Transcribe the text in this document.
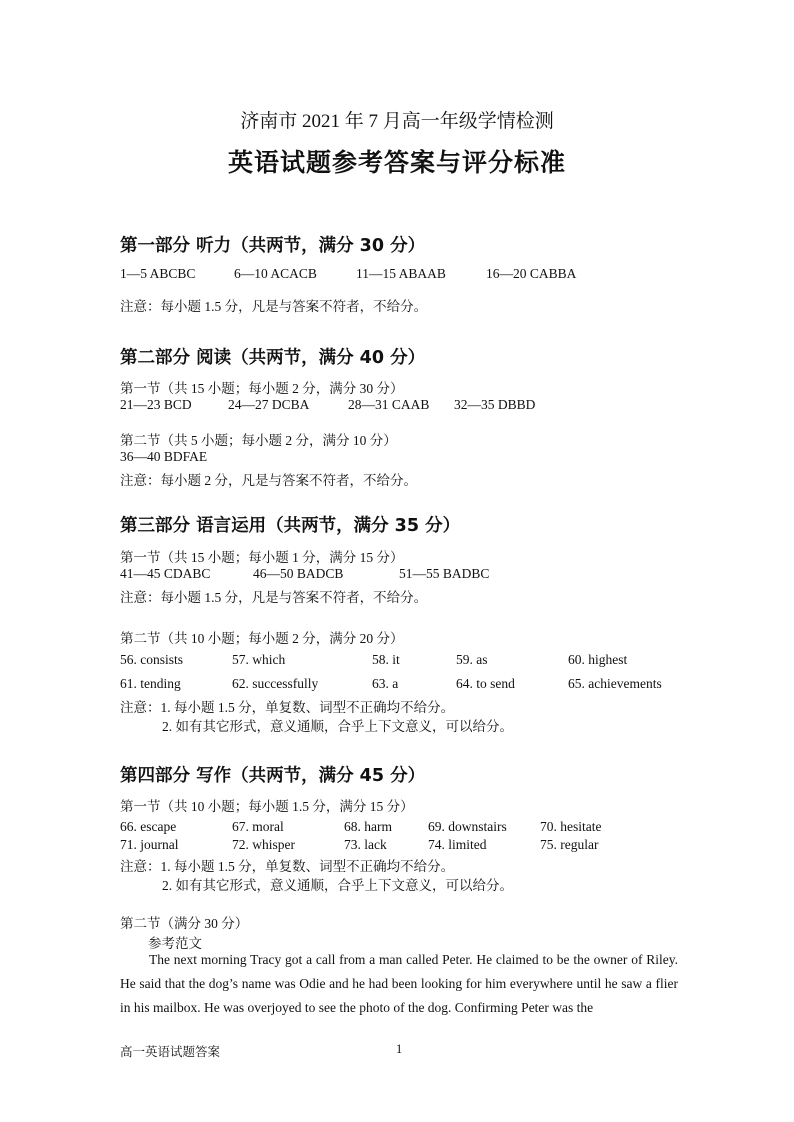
济南市 2021 年 7 月高一年级学情检测
英语试题参考答案与评分标准
第一部分 听力（共两节，满分 30 分）
1—5 ABCBC	6—10 ACACB	11—15 ABAAB	16—20 CABBA
注意：每小题 1.5 分，凡是与答案不符者，不给分。
第二部分 阅读（共两节，满分 40 分）
第一节（共 15 小题；每小题 2 分，满分 30 分）
21—23 BCD	24—27 DCBA	28—31 CAAB 32—35 DBBD
第二节（共 5 小题；每小题 2 分，满分 10 分）
36—40 BDFAE
注意：每小题 2 分，凡是与答案不符者，不给分。
第三部分 语言运用（共两节，满分 35 分）
第一节（共 15 小题；每小题 1 分，满分 15 分）
41—45 CDABC	46—50 BADCB	51—55 BADBC
注意：每小题 1.5 分，凡是与答案不符者，不给分。
第二节（共 10 小题；每小题 2 分，满分 20 分）
56. consists	57. which	58. it	59. as	60. highest
61. tending	62. successfully	63. a	64. to send	65. achievements
注意：1. 每小题 1.5 分，单复数、词型不正确均不给分。
2. 如有其它形式，意义通顺，合乎上下文意义，可以给分。
第四部分 写作（共两节，满分 45 分）
第一节（共 10 小题；每小题 1.5 分，满分 15 分）
66. escape	67. moral	68. harm	69. downstairs 70. hesitate
71. journal	72. whisper	73. lack	74. limited	75. regular
注意：1. 每小题 1.5 分，单复数、词型不正确均不给分。
2. 如有其它形式，意义通顺，合乎上下文意义，可以给分。
第二节（满分 30 分）
参考范文
The next morning Tracy got a call from a man called Peter. He claimed to be the owner of Riley. He said that the dog’s name was Odie and he had been looking for him everywhere until he saw a flier in his mailbox. He was overjoyed to see the photo of the dog. Confirming Peter was the
高一英语试题答案	1
